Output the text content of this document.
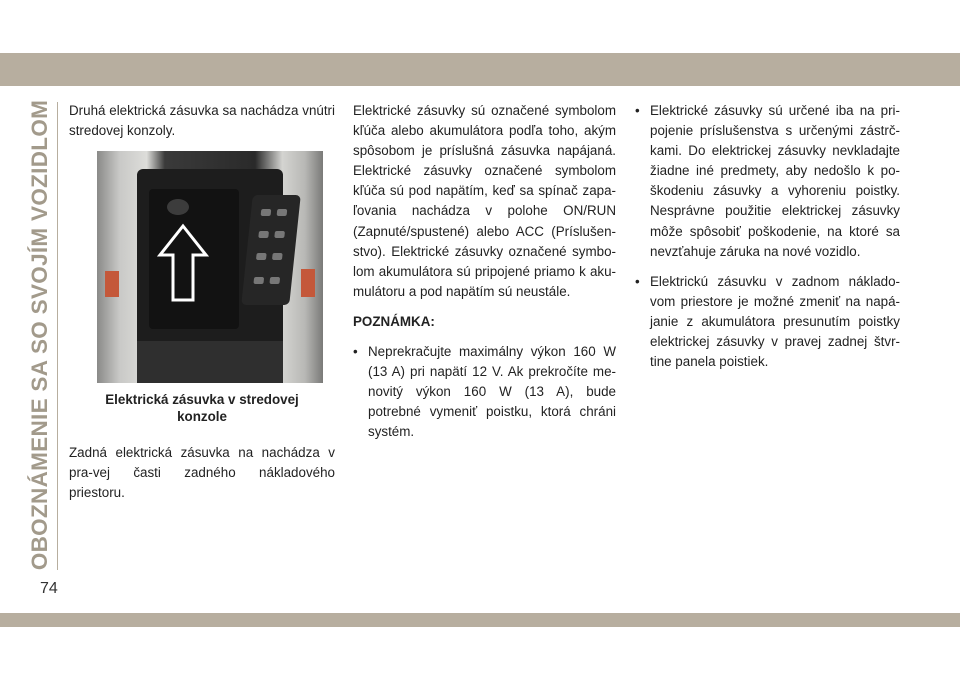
OBOZNÁMENIE SA SO SVOJÍM VOZIDLOM
74

Druhá elektrická zásuvka sa nachádza vnútri stredovej konzoly.

Elektrická zásuvka v stredovej
konzole

Zadná elektrická zásuvka na nachádza v pra-vej časti zadného nákladového priestoru.

Elektrické zásuvky sú označené symbolom kľúča alebo akumulátora podľa toho, akým spôsobom je príslušná zásuvka napájaná. Elektrické zásuvky označené symbolom kľúča sú pod napätím, keď sa spínač zapa-ľovania nachádza v polohe ON/RUN (Zapnuté/spustené) alebo ACC (Príslušen-stvo). Elektrické zásuvky označené symbo-lom akumulátora sú pripojené priamo k aku-mulátoru a pod napätím sú neustále.

POZNÁMKA:

• Neprekračujte maximálny výkon 160 W (13 A) pri napätí 12 V. Ak prekročíte me-novitý výkon 160 W (13 A), bude potrebné vymeniť poistku, ktorá chráni systém.
• Elektrické zásuvky sú určené iba na pri-pojenie príslušenstva s určenými zástrč-kami. Do elektrickej zásuvky nevkladajte žiadne iné predmety, aby nedošlo k po-škodeniu zásuvky a vyhoreniu poistky. Nesprávne použitie elektrickej zásuvky môže spôsobiť poškodenie, na ktoré sa nevzťahuje záruka na nové vozidlo.
• Elektrickú zásuvku v zadnom náklado-vom priestore je možné zmeniť na napá-janie z akumulátora presunutím poistky elektrickej zásuvky v pravej zadnej štvr-tine panela poistiek.
